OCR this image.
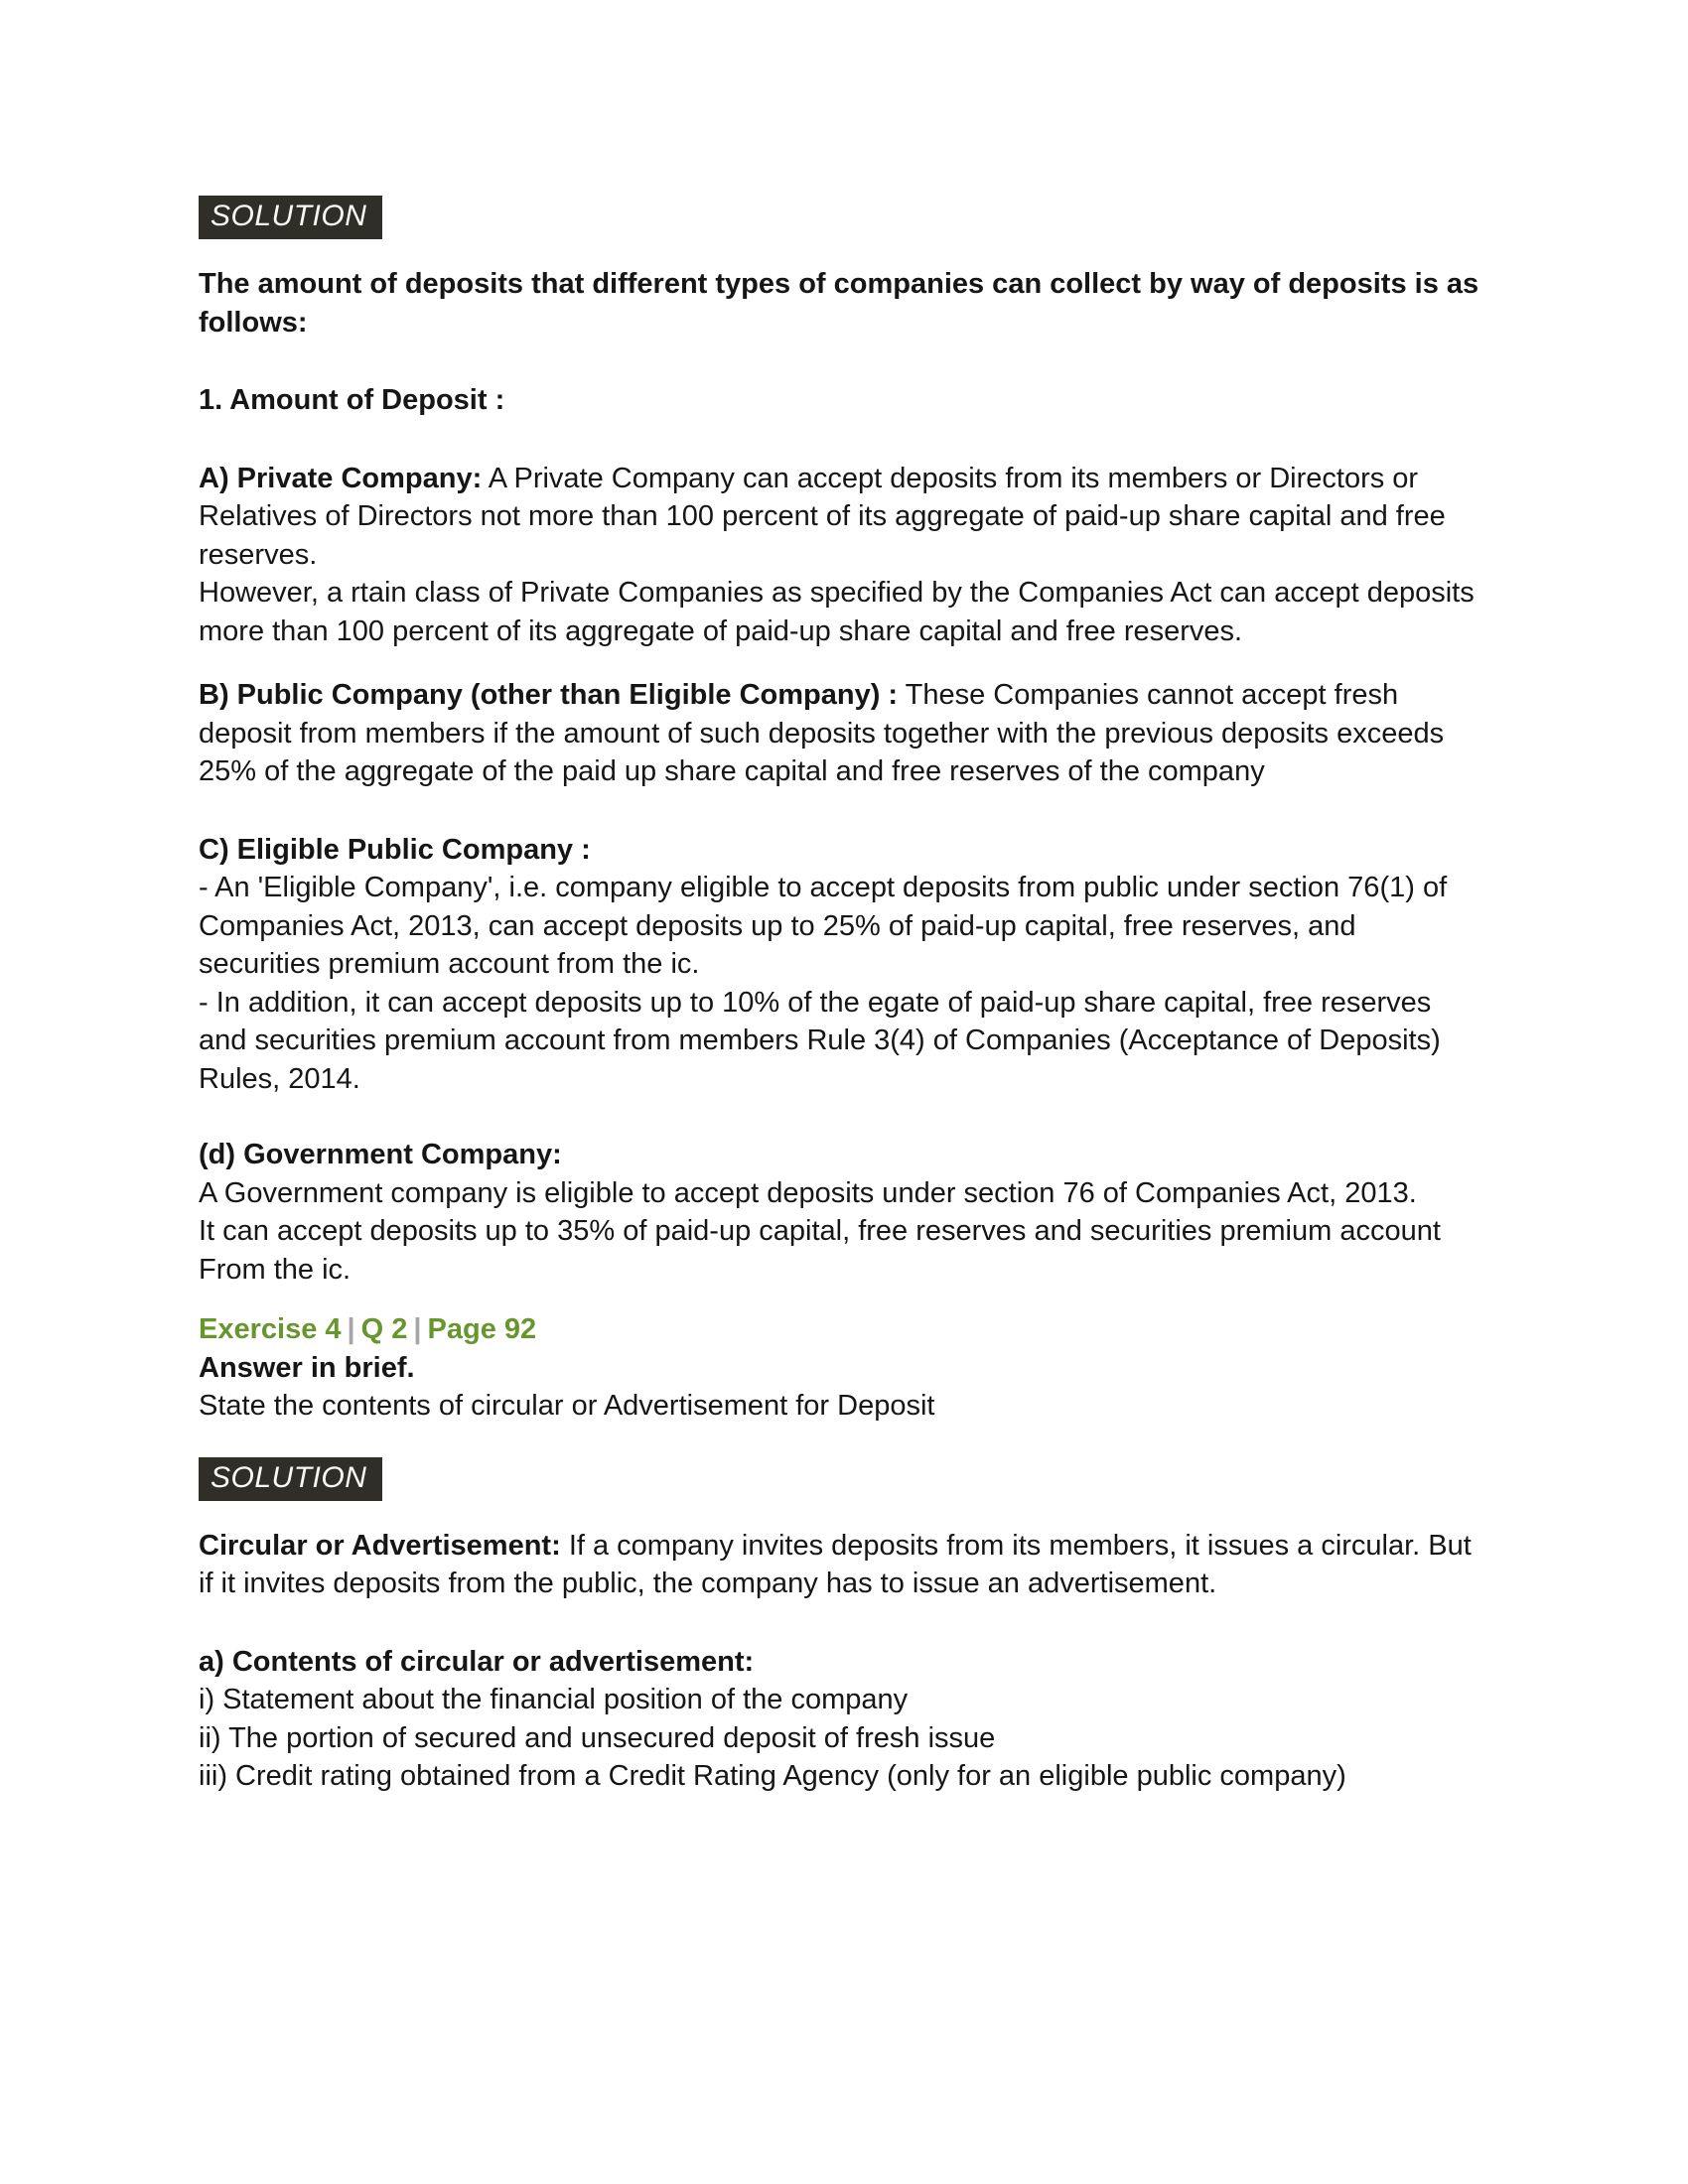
SOLUTION

The amount of deposits that different types of companies can collect by way of deposits is as follows:

1. Amount of Deposit :

A) Private Company: A Private Company can accept deposits from its members or Directors or Relatives of Directors not more than 100 percent of its aggregate of paid-up share capital and free reserves.

However, a rtain class of Private Companies as specified by the Companies Act can accept deposits more than 100 percent of its aggregate of paid-up share capital and free reserves.

B) Public Company (other than Eligible Company) : These Companies cannot accept fresh deposit from members if the amount of such deposits together with the previous deposits exceeds 25% of the aggregate of the paid up share capital and free reserves of the company

C) Eligible Public Company :

- An 'Eligible Company', i.e. company eligible to accept deposits from public under section 76(1) of Companies Act, 2013, can accept deposits up to 25% of paid-up capital, free reserves, and securities premium account from the ic.

- In addition, it can accept deposits up to 10% of the egate of paid-up share capital, free reserves and securities premium account from members Rule 3(4) of Companies (Acceptance of Deposits) Rules, 2014.

(d) Government Company:

A Government company is eligible to accept deposits under section 76 of Companies Act, 2013.

It can accept deposits up to 35% of paid-up capital, free reserves and securities premium account From the ic.

Exercise 4 | Q 2 | Page 92

Answer in brief.

State the contents of circular or Advertisement for Deposit

SOLUTION

Circular or Advertisement: If a company invites deposits from its members, it issues a circular. But if it invites deposits from the public, the company has to issue an advertisement.

a) Contents of circular or advertisement:

i) Statement about the financial position of the company

ii) The portion of secured and unsecured deposit of fresh issue

iii) Credit rating obtained from a Credit Rating Agency (only for an eligible public company)
